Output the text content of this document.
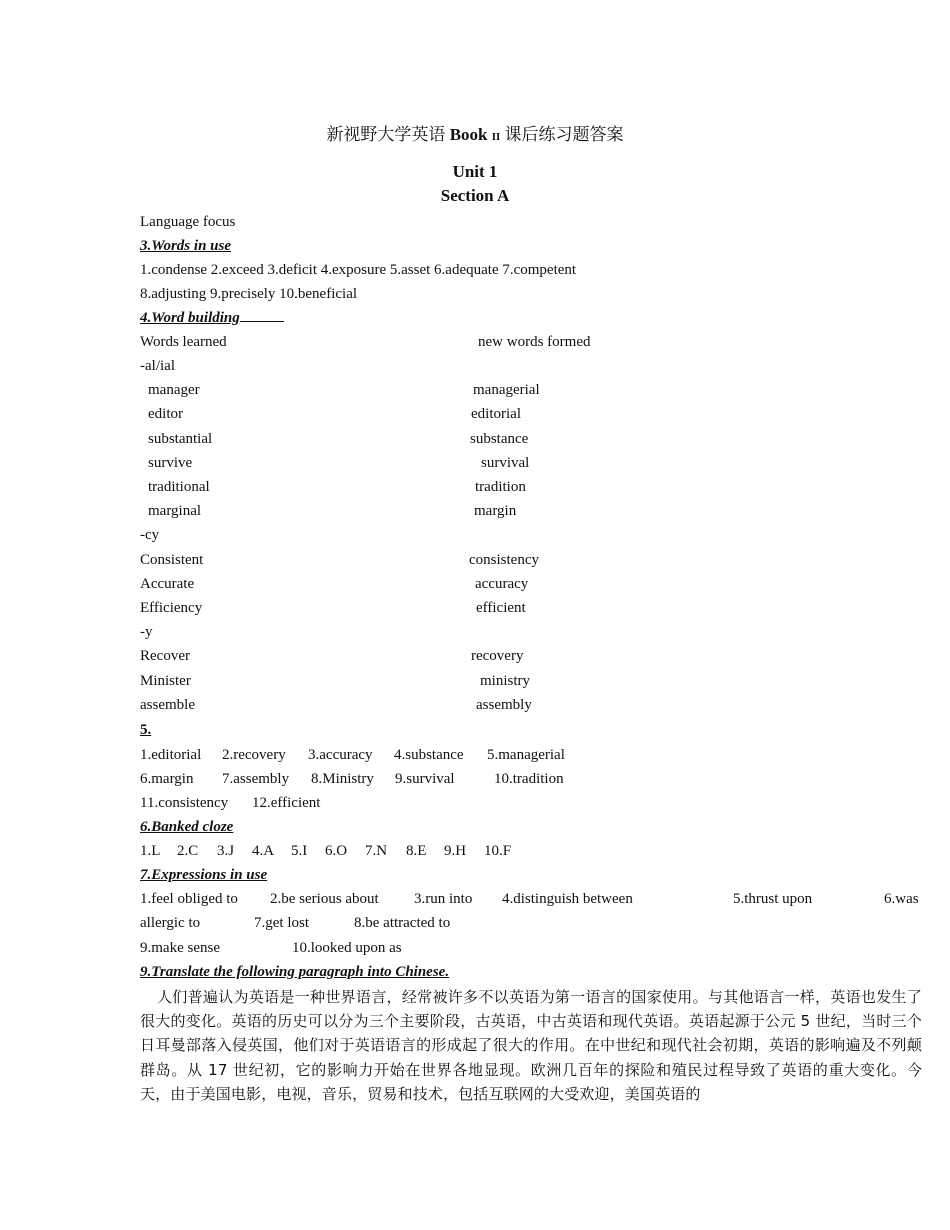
新视野大学英语 Book II 课后练习题答案
Unit 1
Section A
Language focus
3.Words in use
1.condense 2.exceed 3.deficit 4.exposure 5.asset 6.adequate 7.competent
8.adjusting 9.precisely 10.beneficial
4.Word building
Words learned	new words formed
-al/ial
manager	managerial
editor	editorial
substantial	substance
survive	survival
traditional	tradition
marginal	margin
-cy
Consistent	consistency
Accurate	accuracy
Efficiency	efficient
-y
Recover	recovery
Minister	ministry
assemble	assembly
5.
1.editorial 2.recovery 3.accuracy 4.substance 5.managerial
6.margin 7.assembly 8.Ministry 9.survival	10.tradition
11.consistency 12.efficient
6.Banked cloze
1.L 2.C 3.J 4.A 5.I 6.O 7.N 8.E 9.H 10.F
7.Expressions in use
1.feel obliged to 2.be serious about 3.run into 4.distinguish between	5.thrust upon	6.was
allergic to	7.get lost	8.be attracted to
9.make sense	10.looked upon as
9.Translate the following paragraph into Chinese.
人们普遍认为英语是一种世界语言，经常被许多不以英语为第一语言的国家使用。与其他语言一样，英语也发生了很大的变化。英语的历史可以分为三个主要阶段，古英语，中古英语和现代英语。英语起源于公元 5 世纪，当时三个日耳曼部落入侵英国，他们对于英语语言的形成起了很大的作用。在中世纪和现代社会初期，英语的影响遍及不列颠群岛。从 17 世纪初，它的影响力开始在世界各地显现。欧洲几百年的探险和殖民过程导致了英语的重大变化。今天，由于美国电影，电视，音乐，贸易和技术，包括互联网的大受欢迎，美国英语的
